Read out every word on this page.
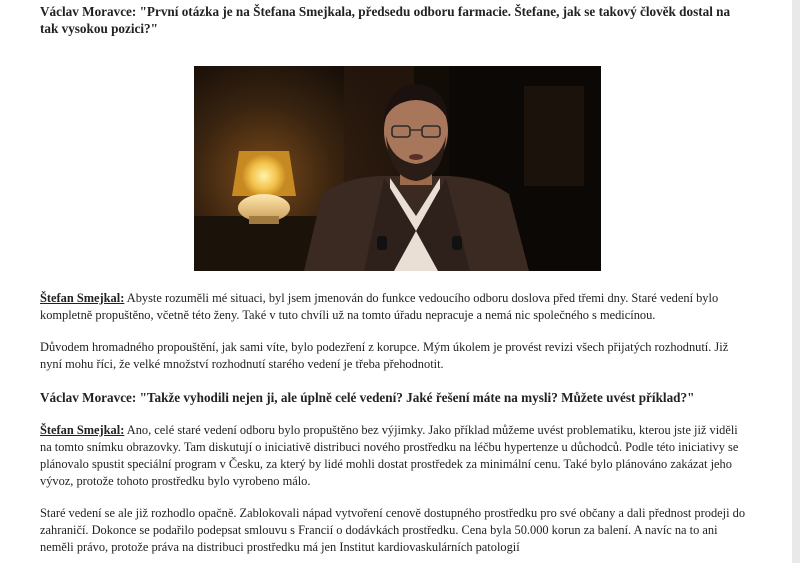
Václav Moravce: "První otázka je na Štefana Smejkala, předsedu odboru farmacie. Štefane, jak se takový člověk dostal na tak vysokou pozici?"

Štefan Smejkal: Abyste rozuměli mé situaci, byl jsem jmenován do funkce vedoucího odboru doslova před třemi dny. Staré vedení bylo kompletně propuštěno, včetně této ženy. Také v tuto chvíli už na tomto úřadu nepracuje a nemá nic společného s medicínou.

Důvodem hromadného propouštění, jak sami víte, bylo podezření z korupce. Mým úkolem je provést revizi všech přijatých rozhodnutí. Již nyní mohu říci, že velké množství rozhodnutí starého vedení je třeba přehodnotit.

Václav Moravce: "Takže vyhodili nejen ji, ale úplně celé vedení? Jaké řešení máte na mysli? Můžete uvést příklad?"

Štefan Smejkal: Ano, celé staré vedení odboru bylo propuštěno bez výjimky. Jako příklad můžeme uvést problematiku, kterou jste již viděli na tomto snímku obrazovky. Tam diskutují o iniciativě distribuci nového prostředku na léčbu hypertenze u důchodců. Podle této iniciativy se plánovalo spustit speciální program v Česku, za který by lidé mohli dostat prostředek za minimální cenu. Také bylo plánováno zakázat jeho vývoz, protože tohoto prostředku bylo vyrobeno málo.

Staré vedení se ale již rozhodlo opačně. Zablokovali nápad vytvoření cenově dostupného prostředku pro své občany a dali přednost prodeji do zahraničí. Dokonce se podařilo podepsat smlouvu s Francií o dodávkách prostředku. Cena byla 50.000 korun za balení. A navíc na to ani neměli právo, protože práva na distribuci prostředku má jen Institut kardiovaskulárních patologií
